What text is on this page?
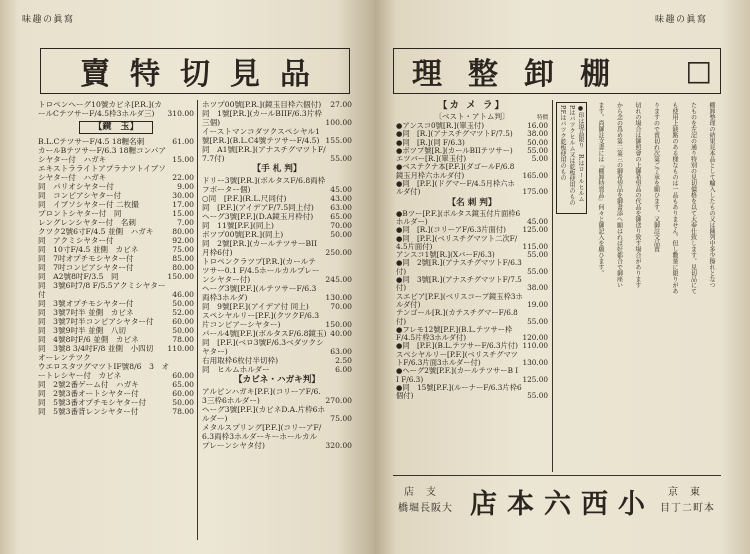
味趣の眞寫
賣特切見品
トロペンヘーグ10號カビネ[P.R.](カールCテツサーF/4.5枠3ホルダ三)	310.00
【鏡　玉】
B.L.CテツサーF/4.5 18糎名刺	61.00
カールBテツサーF/6.3 18糎コンパアシヤター付　ハガキ	15.00
エキストラライトアプラナツトイブソシヤター付　ハガキ	22.00
同　パリオシヤター付	9.00
同　コンピアシヤター付	30.00
同　イブソシヤター付 二枚撮	17.00
プロントシヤター付　同	15.00
レングレンシヤター付　名刺	7.00
クツク2號6寸F/4.5 並側　ハガキ	80.00
同　アクミシヤター付	92.00
同　10寸F/4.5 並側　カビネ	75.00
同　7吋オプチモシヤター付	85.00
同　7吋コンピアシヤター付	80.00
同　A2號8吋F/3.5　同	150.00
同　3號6吋7/8 F/5.5アクミシヤター付	46.00
同　3號オプチモシヤター付	50.00
同　3號7吋半 並側　カビネ	52.00
同　3號7吋半コンピアシヤター付	60.00
同　3號9吋半 並側　八切	50.00
同　4號8吋F/6 並側　カビネ	78.00
同　3號8 3/4吋F/8 並側　小四切	110.00
オーレンテツク
ウエロスタツグマツトIF號8/6　3　オートレシヤー付　カビネ	60.00
同　2號2番ゲーム付　ハガキ	65.00
同　2號3番オートシヤター付	60.00
同　5號3番オプチモシヤター付	50.00
同　5號3番背レンシヤター付	78.00
ホツプ00號[P.R.](鏡玉目枠六個付)	27.00
同　1號[P.R.](カールBIIF/6.3片枠三個)	100.00
イーストマンコダツクスペシヤル1號[P.R.](B.L.C4號テツサーF/4.5) 155.00
同　A1號[P.R.](アナスチグマツトF/7.7付)	55.00
【手 札 判】
ドリー3號[P.R.](ボルタスF/6.8両枠フボーター個)	45.00
○同　[P.F.](R.L.尺同付)	43.00
同　[P.F.](アイデアF/7.5同上付)	63.00
ヘーグ3號[P.F.](D.A鏡玉月枠付)	65.00
同　11號[P.F.](同上)	70.00
ボツプ00號[P.R.](同上)	50.00
同　2號[P.R.](カールテツサーBII月枠6付)	250.00
トロペンクラツプ[P.R.](カールテツサー0.1 F/4.5ホールカルプレーンシヤター付)	245.00
ヘーグ3號[P.F.](ルテツサーF/6.3両枠3ホルダ)	130.00
同　9號[P.F.](アイデア付 同上)	70.00
スペシヤルリー[P.F.](クツクF/6.3片コンピアーシヤター)	150.00
パール4號[P.F.](ボルタスF/6.8鏡玉) 40.00
同　[P.F.](ベロ3號F/6.3ベダツクシヤター)	63.00
右用取枠6枚付半切枠)	2.50
同　ヒルムホルダー	6.00
【カビネ・ハガキ判】
アルピンハガキ[P.F.](コリーアF/6.3三枠6ホルダー)	270.00
ヘーグ3號[P.F.](カビネD.A.片枠6ホルダー)	75.00
メタルスプリング[P.F.](コリーアF/6.3両枠3ホルダーキーホールカルプレーンシヤタ付)	320.00
味趣の眞寫
理整卸棚 □
【カ メ ラ】
〔ベスト・アトム判〕	特價
●アンスコ0號[R.](單玉付)	16.00
●同　[R.](アナスチグマツトF/7.5)	38.00
●同　[R.](同 F/6.3)	50.00
●ボツプ號[R.](カールBIIテツサー)	55.00
エツバー[R.](單玉付)	5.00
●ベステクナ本[P.F.](ダゴールF/6.8鏡玉月枠六ホルダ付)	165.00
●同　[P.F.](ドグマーF/4.5月枠六ホルダ付)	175.00
【名 刺 判】
●Bツー[P.F.](ボルタス鏡玉付片面枠6ホルダー)	45.00
●同　[R.](コリーアF/6.3片面付)	125.00
●同　[P.F.](ベリスチグマツト二次F/4.5片面付)	115.00
アンスコ1號[R.](XバーF/6.3)	55.00
●同　2號[R.](アナスチグマツトF/6.3付)	55.00
●同　3號[R.](アナスチグマツトF/7.5付)	38.00
スエピア[P.F.](ベリスコープ鏡玉枠3ホルダ付)	19.00
テンゴール[R.](カテスチグマーF/6.8付)	55.00
●フレモ12號[P.F.](B.L.テツサー枠F/4.5片枠3ホルダ付)	120.00
●同　[P.F.](B.L.テツサーF/6.3片付) 110.00
スペシヤルリー[P.F.](ベリスチグマツトF/6.3片面3ホルダー付)	130.00
●ヘーグ2號[P.F.](カールテツサーB II F/6.3)	125.00
●同　15號[P.F.](ルーナーF/6.3片枠6個付)	55.00
●印は現品限り　R.はロールヒルム　P.はパツクヒルム又は乾板使用のもの　P.F.はパツク乾板使用のもの	棚卸整理の結果見本品として輸入したもの又は陳列中多少擦れとなつ
たものを左記の通り特別の見切價格を以て大奉仕致します。見切品にて
も使用上缺點のある様なものは一品もありません。但し數量に限りがあ
りますので賣切れ次第ご了承を願ひます。又御註文品賣
切れの場合は御照會の上御希望品の代品を御送り致す場合があります
から念の爲め第二第三の御希望品を御書添へ願はれば好都合で御座い
ます。尚御註文書には『棚卸特賣品』何々と御記入を願ひます。
店　支
橋堀長阪大 店本六西小 京　東
目丁二町本
